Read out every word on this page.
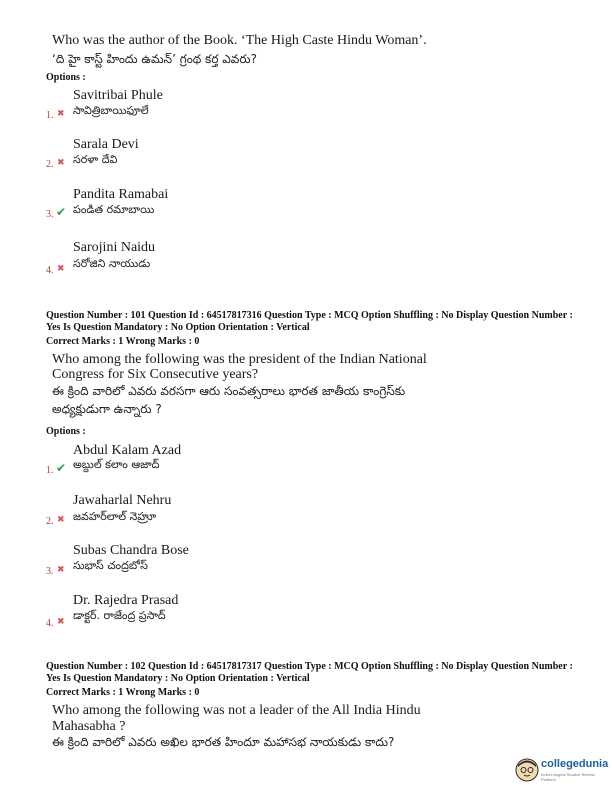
Who was the author of the Book. ‘The High Caste Hindu Woman’.
‘ది హై కాస్ట్ హిందు ఉమన్’ గ్రంథ కర్త ఎవరు?
Options :
Savitribai Phule
1. ✖ సావిత్రిబాయిఫూలే
Sarala Devi
2. ✖ సరళా దేవి
Pandita Ramabai
3. ✔ పండిత రమాబాయి
Sarojini Naidu
4. ✖ సరోజిని నాయుడు
Question Number : 101 Question Id : 64517817316 Question Type : MCQ Option Shuffling : No Display Question Number :
Yes Is Question Mandatory : No Option Orientation : Vertical
Correct Marks : 1 Wrong Marks : 0
Who among the following was the president of the Indian National
Congress for Six Consecutive years?
ఈ క్రింది వారిలో ఎవరు వరసగా ఆరు సంవత్సరాలు భారత జాతీయ కాంగ్రెస్‌కు
అధ్యక్షుడుగా ఉన్నారు ?
Options :
Abdul Kalam Azad
1. ✔ అబ్దుల్ కలాం ఆజాద్
Jawaharlal Nehru
2. ✖ జవహర్‌లాల్ నెహ్రూ
Subas Chandra Bose
3. ✖ సుభాస్ చంద్రబోస్
Dr. Rajedra Prasad
4. ✖ డాక్టర్. రాజేంద్ర ప్రసాద్
Question Number : 102 Question Id : 64517817317 Question Type : MCQ Option Shuffling : No Display Question Number :
Yes Is Question Mandatory : No Option Orientation : Vertical
Correct Marks : 1 Wrong Marks : 0
Who among the following was not a leader of the All India Hindu
Mahasabha ?
ఈ క్రింది వారిలో ఎవరు అఖిల భారత హిందూ మహాసభ నాయకుడు కాదు?
collegedunia
India's largest Student Review Platform
